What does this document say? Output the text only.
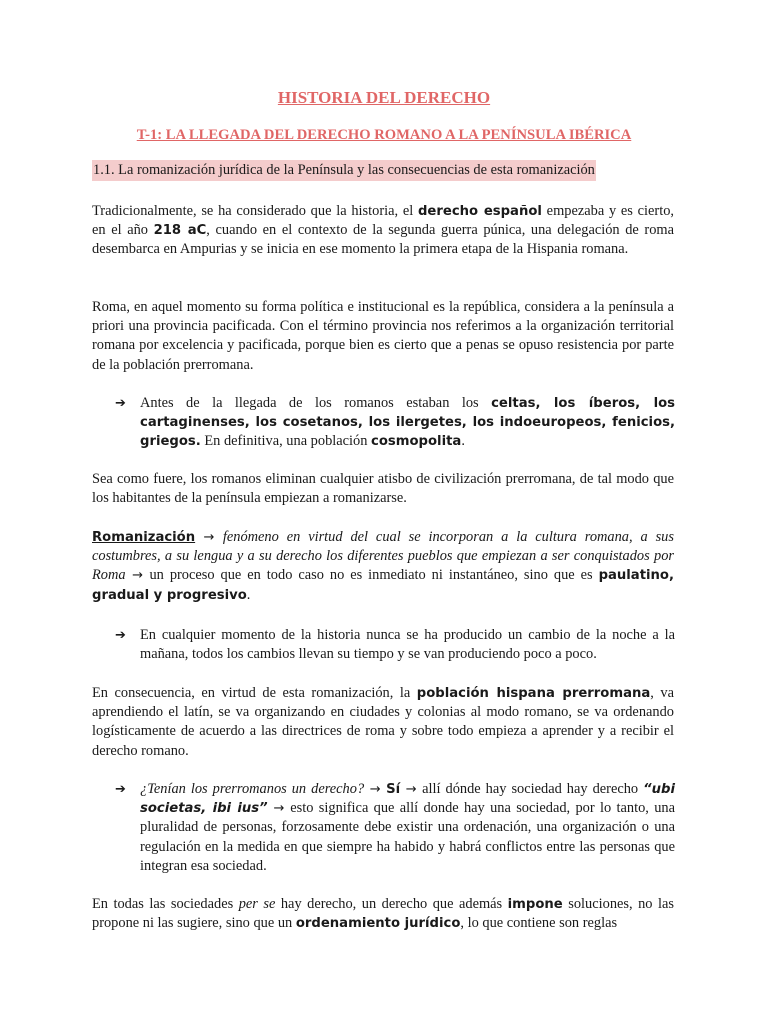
HISTORIA DEL DERECHO
T-1: LA LLEGADA DEL DERECHO ROMANO A LA PENÍNSULA IBÉRICA
1.1. La romanización jurídica de la Península y las consecuencias de esta romanización

Tradicionalmente, se ha considerado que la historia, el derecho español empezaba y es cierto, en el año 218 aC, cuando en el contexto de la segunda guerra púnica, una delegación de roma desembarca en Ampurias y se inicia en ese momento la primera etapa de la Hispania romana.

Roma, en aquel momento su forma política e institucional es la república, considera a la península a priori una provincia pacificada. Con el término provincia nos referimos a la organización territorial romana por excelencia y pacificada, porque bien es cierto que a penas se opuso resistencia por parte de la población prerromana.

➔ Antes de la llegada de los romanos estaban los celtas, los íberos, los cartaginenses, los cosetanos, los ilergetes, los indoeuropeos, fenicios, griegos. En definitiva, una población cosmopolita.

Sea como fuere, los romanos eliminan cualquier atisbo de civilización prerromana, de tal modo que los habitantes de la península empiezan a romanizarse.

Romanización → fenómeno en virtud del cual se incorporan a la cultura romana, a sus costumbres, a su lengua y a su derecho los diferentes pueblos que empiezan a ser conquistados por Roma → un proceso que en todo caso no es inmediato ni instantáneo, sino que es paulatino, gradual y progresivo.

➔ En cualquier momento de la historia nunca se ha producido un cambio de la noche a la mañana, todos los cambios llevan su tiempo y se van produciendo poco a poco.

En consecuencia, en virtud de esta romanización, la población hispana prerromana, va aprendiendo el latín, se va organizando en ciudades y colonias al modo romano, se va ordenando logísticamente de acuerdo a las directrices de roma y sobre todo empieza a aprender y a recibir el derecho romano.

➔ ¿Tenían los prerromanos un derecho? → Sí → allí dónde hay sociedad hay derecho “ubi societas, ibi ius” → esto significa que allí donde hay una sociedad, por lo tanto, una pluralidad de personas, forzosamente debe existir una ordenación, una organización o una regulación en la medida en que siempre ha habido y habrá conflictos entre las personas que integran esa sociedad.

En todas las sociedades per se hay derecho, un derecho que además impone soluciones, no las propone ni las sugiere, sino que un ordenamiento jurídico, lo que contiene son reglas
